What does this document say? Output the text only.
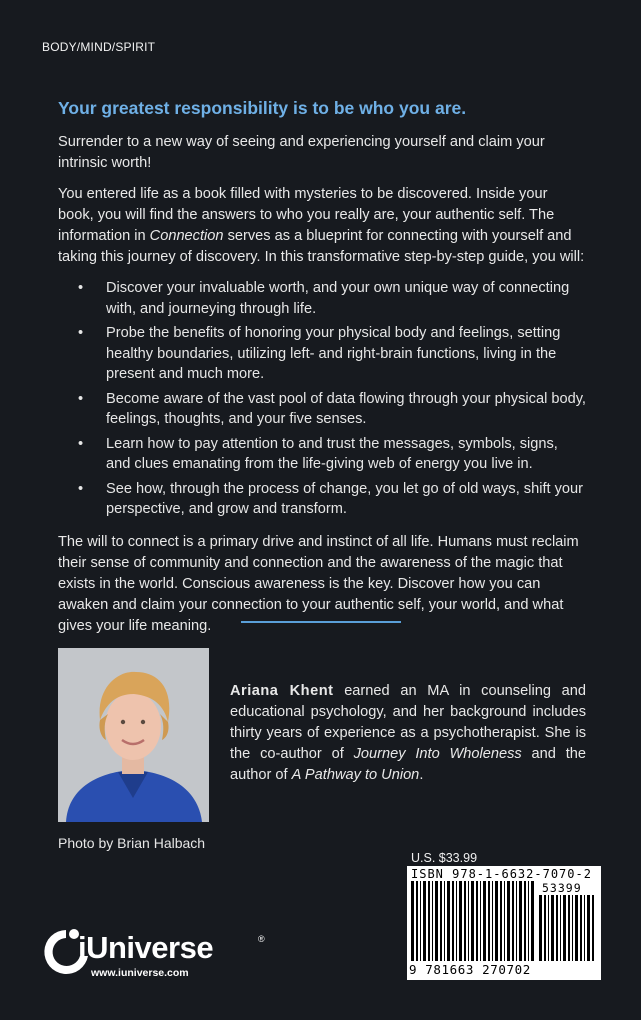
BODY/MIND/SPIRIT

Your greatest responsibility is to be who you are.

Surrender to a new way of seeing and experiencing yourself and claim your intrinsic worth!

You entered life as a book filled with mysteries to be discovered. Inside your book, you will find the answers to who you really are, your authentic self. The information in Connection serves as a blueprint for connecting with yourself and taking this journey of discovery. In this transformative step-by-step guide, you will:

• Discover your invaluable worth, and your own unique way of connecting with, and journeying through life.
• Probe the benefits of honoring your physical body and feelings, setting healthy boundaries, utilizing left- and right-brain functions, living in the present and much more.
• Become aware of the vast pool of data flowing through your physical body, feelings, thoughts, and your five senses.
• Learn how to pay attention to and trust the messages, symbols, signs, and clues emanating from the life-giving web of energy you live in.
• See how, through the process of change, you let go of old ways, shift your perspective, and grow and transform.

The will to connect is a primary drive and instinct of all life. Humans must reclaim their sense of community and connection and the awareness of the magic that exists in the world. Conscious awareness is the key. Discover how you can awaken and claim your connection to your authentic self, your world, and what gives your life meaning.

Photo by Brian Halbach
Ariana Khent earned an MA in counseling and educational psychology, and her background includes thirty years of experience as a psychotherapist. She is the co-author of Journey Into Wholeness and the author of A Pathway to Union.
U.S. $33.99
ISBN 978-1-6632-7070-2
53399
9 781663 270702
iUniverse	®
www.iuniverse.com
